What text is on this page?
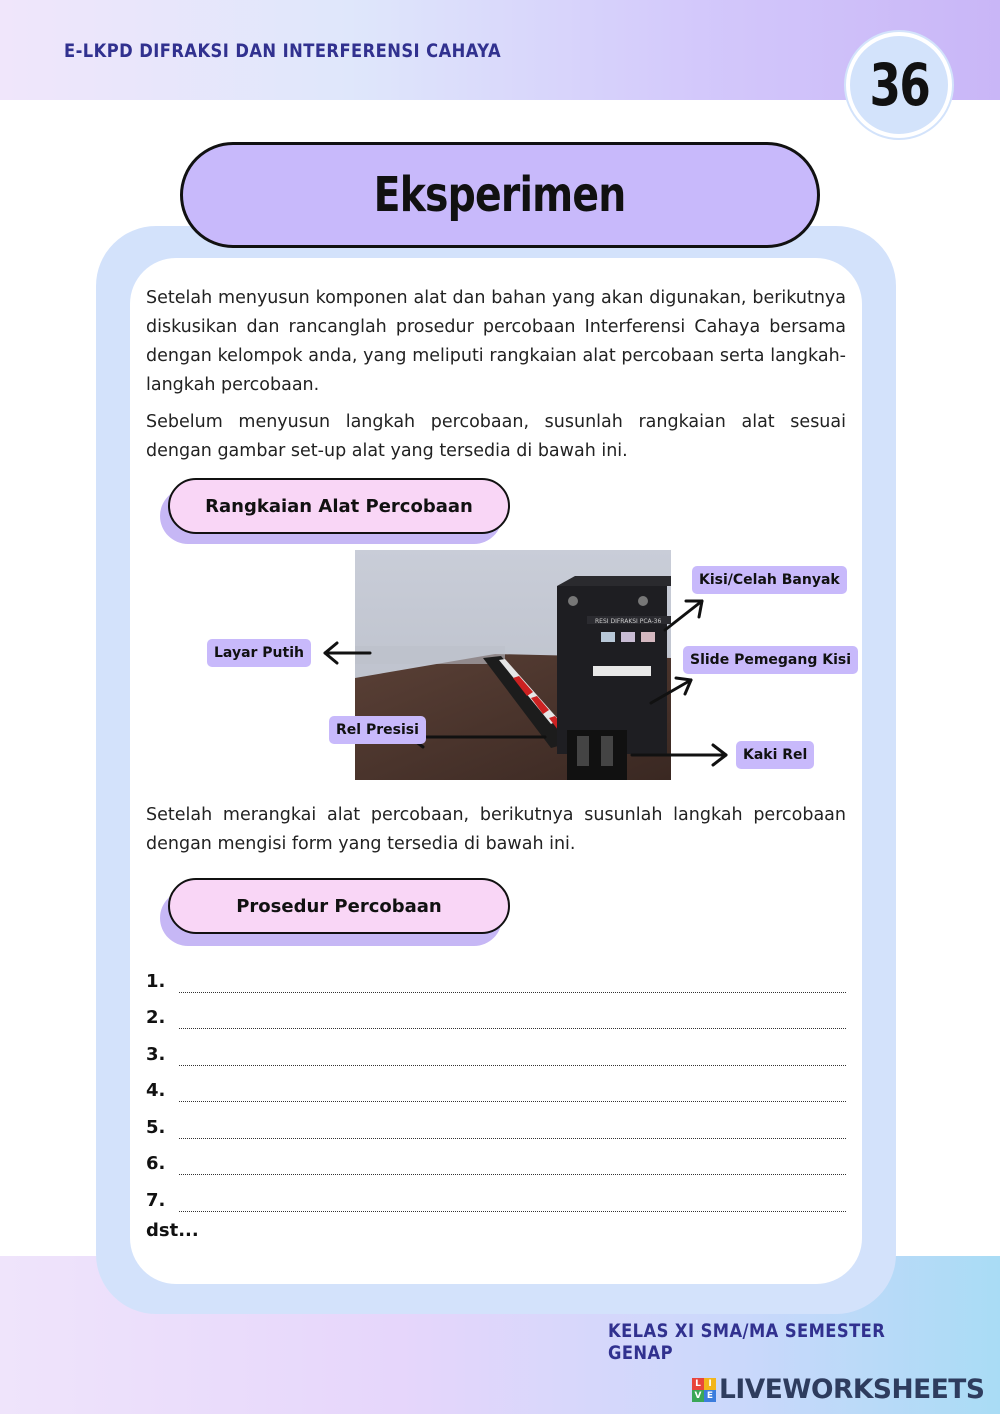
E-LKPD DIFRAKSI DAN INTERFERENSI CAHAYA	36
Eksperimen

Setelah menyusun komponen alat dan bahan yang akan digunakan, berikutnya diskusikan dan rancanglah prosedur percobaan Interferensi Cahaya bersama dengan kelompok anda, yang meliputi rangkaian alat percobaan serta langkah-langkah percobaan.

Sebelum menyusun langkah percobaan, susunlah rangkaian alat sesuai dengan gambar set-up alat yang tersedia di bawah ini.

Rangkaian Alat Percobaan
RESI DIFRAKSI PCA-36
Kisi/Celah Banyak
Slide Pemegang Kisi
Layar Putih
Rel Presisi
Kaki Rel

Setelah merangkai alat percobaan, berikutnya susunlah langkah percobaan dengan mengisi form yang tersedia di bawah ini.

Prosedur Percobaan
1.
2.
3.
4.
5.
6.
7.
dst...
KELAS XI SMA/MA SEMESTER GENAP
L I
V E LIVEWORKSHEETS
